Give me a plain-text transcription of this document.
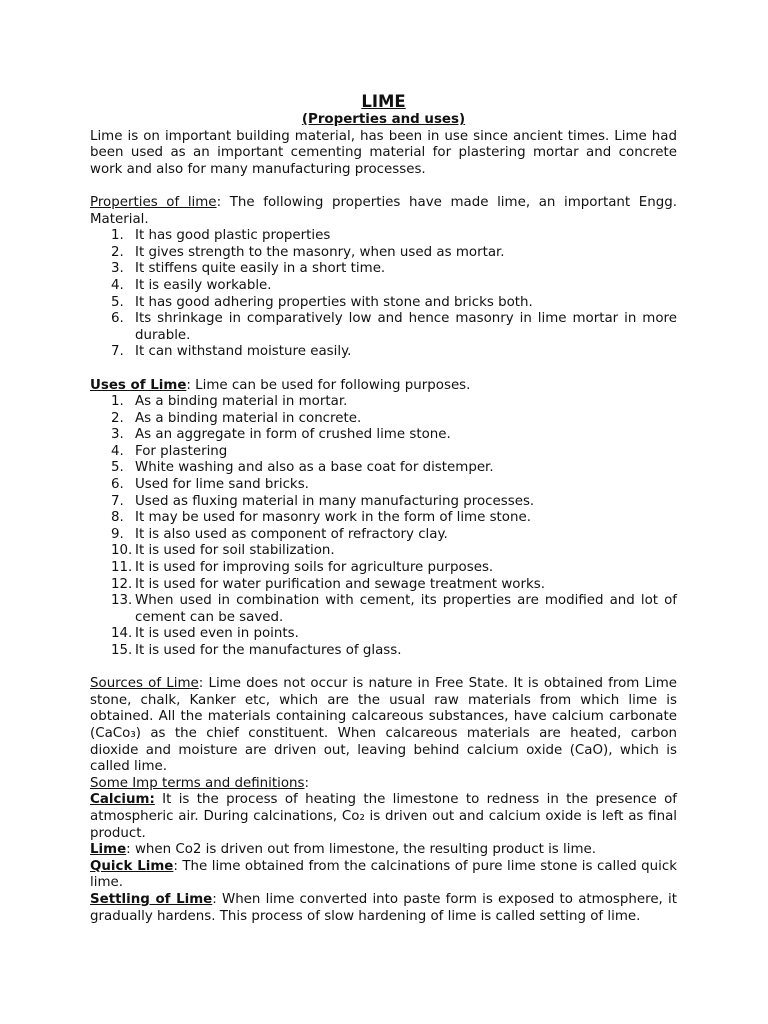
LIME
(Properties and uses)

Lime is on important building material, has been in use since ancient times. Lime had been used as an important cementing material for plastering mortar and concrete work and also for many manufacturing processes.

Properties of lime: The following properties have made lime, an important Engg. Material.

1. It has good plastic properties
2. It gives strength to the masonry, when used as mortar.
3. It stiffens quite easily in a short time.
4. It is easily workable.
5. It has good adhering properties with stone and bricks both.
6. Its shrinkage in comparatively low and hence masonry in lime mortar in more durable.
7. It can withstand moisture easily.

Uses of Lime: Lime can be used for following purposes.

1. As a binding material in mortar.
2. As a binding material in concrete.
3. As an aggregate in form of crushed lime stone.
4. For plastering
5. White washing and also as a base coat for distemper.
6. Used for lime sand bricks.
7. Used as fluxing material in many manufacturing processes.
8. It may be used for masonry work in the form of lime stone.
9. It is also used as component of refractory clay.
10. It is used for soil stabilization.
11. It is used for improving soils for agriculture purposes.
12. It is used for water purification and sewage treatment works.
13. When used in combination with cement, its properties are modified and lot of cement can be saved.
14. It is used even in points.
15. It is used for the manufactures of glass.

Sources of Lime: Lime does not occur is nature in Free State. It is obtained from Lime stone, chalk, Kanker etc, which are the usual raw materials from which lime is obtained. All the materials containing calcareous substances, have calcium carbonate (CaCo₃) as the chief constituent. When calcareous materials are heated, carbon dioxide and moisture are driven out, leaving behind calcium oxide (CaO), which is called lime.

Some Imp terms and definitions:

Calcium: It is the process of heating the limestone to redness in the presence of atmospheric air. During calcinations, Co₂ is driven out and calcium oxide is left as final product.

Lime: when Co2 is driven out from limestone, the resulting product is lime.

Quick Lime: The lime obtained from the calcinations of pure lime stone is called quick lime.

Settling of Lime: When lime converted into paste form is exposed to atmosphere, it gradually hardens. This process of slow hardening of lime is called setting of lime.
